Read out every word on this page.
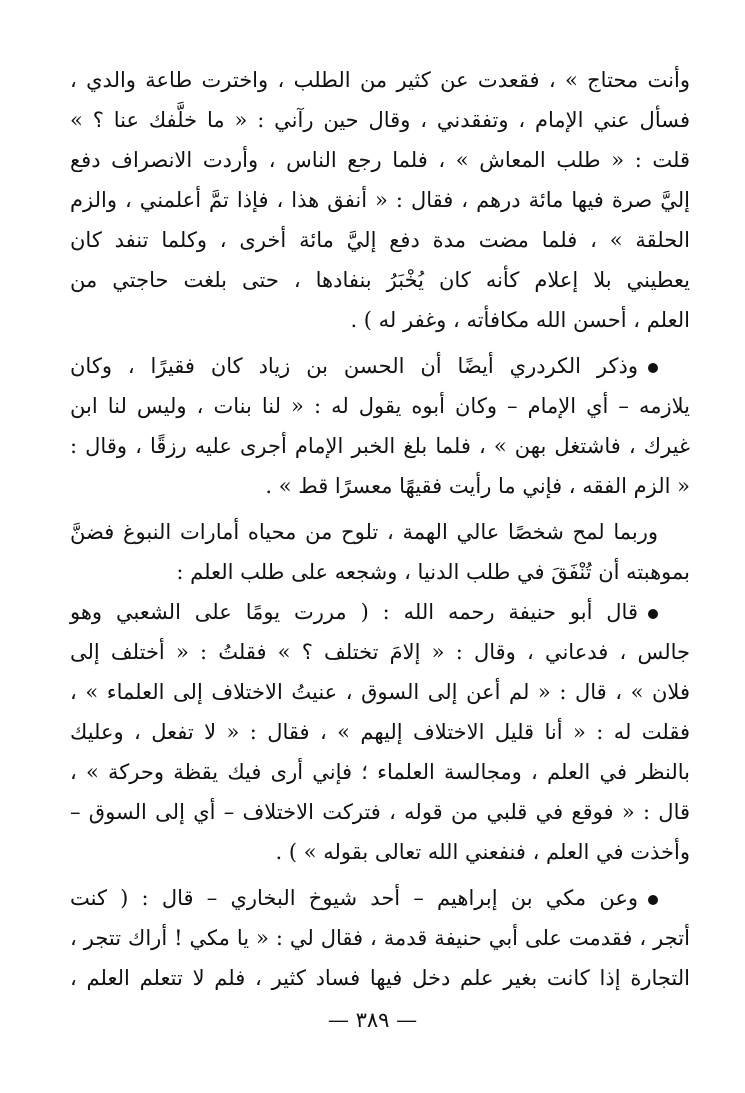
وأنت محتاج » ، فقعدت عن كثير من الطلب ، واخترت طاعة والدي ،
فسأل عني الإمام ، وتفقدني ، وقال حين رآني : « ما خلَّفك عنا ؟ »
قلت : « طلب المعاش » ، فلما رجع الناس ، وأردت الانصراف دفع
إليَّ صرة فيها مائة درهم ، فقال : « أنفق هذا ، فإذا تمَّ أعلمني ، والزم
الحلقة » ، فلما مضت مدة دفع إليَّ مائة أخرى ، وكلما تنفد كان
يعطيني بلا إعلام كأنه كان يُخْبَرُ بنفادها ، حتى بلغت حاجتي من
العلم ، أحسن الله مكافأته ، وغفر له ) .
وذكر الكردري أيضًا أن الحسن بن زياد كان فقيرًا ، وكان
يلازمه – أي الإمام – وكان أبوه يقول له : « لنا بنات ، وليس لنا ابن
غيرك ، فاشتغل بهن » ، فلما بلغ الخبر الإمام أجرى عليه رزقًا ، وقال :
« الزم الفقه ، فإني ما رأيت فقيهًا معسرًا قط » .
وربما لمح شخصًا عالي الهمة ، تلوح من محياه أمارات النبوغ فضنَّ
بموهبته أن تُنْفَقَ في طلب الدنيا ، وشجعه على طلب العلم :
قال أبو حنيفة رحمه الله : ( مررت يومًا على الشعبي وهو
جالس ، فدعاني ، وقال : « إلامَ تختلف ؟ » فقلتُ : « أختلف إلى
فلان » ، قال : « لم أعن إلى السوق ، عنيتُ الاختلاف إلى العلماء » ،
فقلت له : « أنا قليل الاختلاف إليهم » ، فقال : « لا تفعل ، وعليك
بالنظر في العلم ، ومجالسة العلماء ؛ فإني أرى فيك يقظة وحركة » ،
قال : « فوقع في قلبي من قوله ، فتركت الاختلاف – أي إلى السوق –
وأخذت في العلم ، فنفعني الله تعالى بقوله » ) .
وعن مكي بن إبراهيم – أحد شيوخ البخاري – قال : ( كنت
أتجر ، فقدمت على أبي حنيفة قدمة ، فقال لي : « يا مكي ! أراك تتجر ،
التجارة إذا كانت بغير علم دخل فيها فساد كثير ، فلم لا تتعلم العلم ،
— ٣٨٩ —
